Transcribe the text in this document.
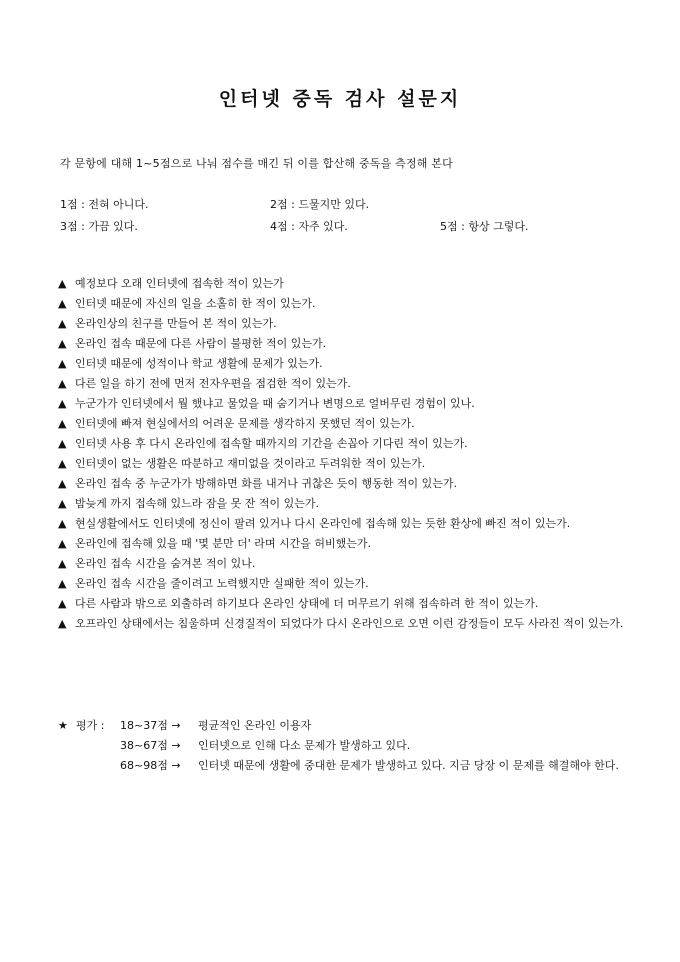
인터넷 중독 검사 설문지
각 문항에 대해 1~5점으로 나눠 점수를 매긴 뒤 이를 합산해 중독을 측정해 본다
1점 : 전혀 아니다.	2점 : 드물지만 있다.
3점 : 가끔 있다.	4점 : 자주 있다.	5점 : 항상 그렇다.
▲ 예정보다 오래 인터넷에 접속한 적이 있는가
▲ 인터넷 때문에 자신의 일을 소홀히 한 적이 있는가.
▲ 온라인상의 친구를 만들어 본 적이 있는가.
▲ 온라인 접속 때문에 다른 사람이 불평한 적이 있는가.
▲ 인터넷 때문에 성적이나 학교 생활에 문제가 있는가.
▲ 다른 일을 하기 전에 먼저 전자우편을 점검한 적이 있는가.
▲ 누군가가 인터넷에서 뭘 했냐고 물었을 때 숨기거나 변명으로 얼버무린 경험이 있나.
▲ 인터넷에 빠져 현실에서의 어려운 문제를 생각하지 못했던 적이 있는가.
▲ 인터넷 사용 후 다시 온라인에 접속할 때까지의 기간을 손꼽아 기다린 적이 있는가.
▲ 인터넷이 없는 생활은 따분하고 재미없을 것이라고 두려워한 적이 있는가.
▲ 온라인 접속 중 누군가가 방해하면 화를 내거나 귀찮은 듯이 행동한 적이 있는가.
▲ 밤늦게 까지 접속해 있느라 잠을 못 잔 적이 있는가.
▲ 현실생활에서도 인터넷에 정신이 팔려 있거나 다시 온라인에 접속해 있는 듯한 환상에 빠진 적이 있는가.
▲ 온라인에 접속해 있을 때 '몇 분만 더' 라며 시간을 허비했는가.
▲ 온라인 접속 시간을 숨겨본 적이 있나.
▲ 온라인 접속 시간을 줄이려고 노력했지만 실패한 적이 있는가.
▲ 다른 사람과 밖으로 외출하려 하기보다 온라인 상태에 더 머무르기 위해 접속하려 한 적이 있는가.
▲ 오프라인 상태에서는 침울하며 신경질적이 되었다가 다시 온라인으로 오면 이런 감정들이 모두 사라진 적이 있는가.
★ 평가 : 18~37점 → 평균적인 온라인 이용자
38~67점 → 인터넷으로 인해 다소 문제가 발생하고 있다.
68~98점 → 인터넷 때문에 생활에 중대한 문제가 발생하고 있다. 지금 당장 이 문제를 해결해야 한다.
